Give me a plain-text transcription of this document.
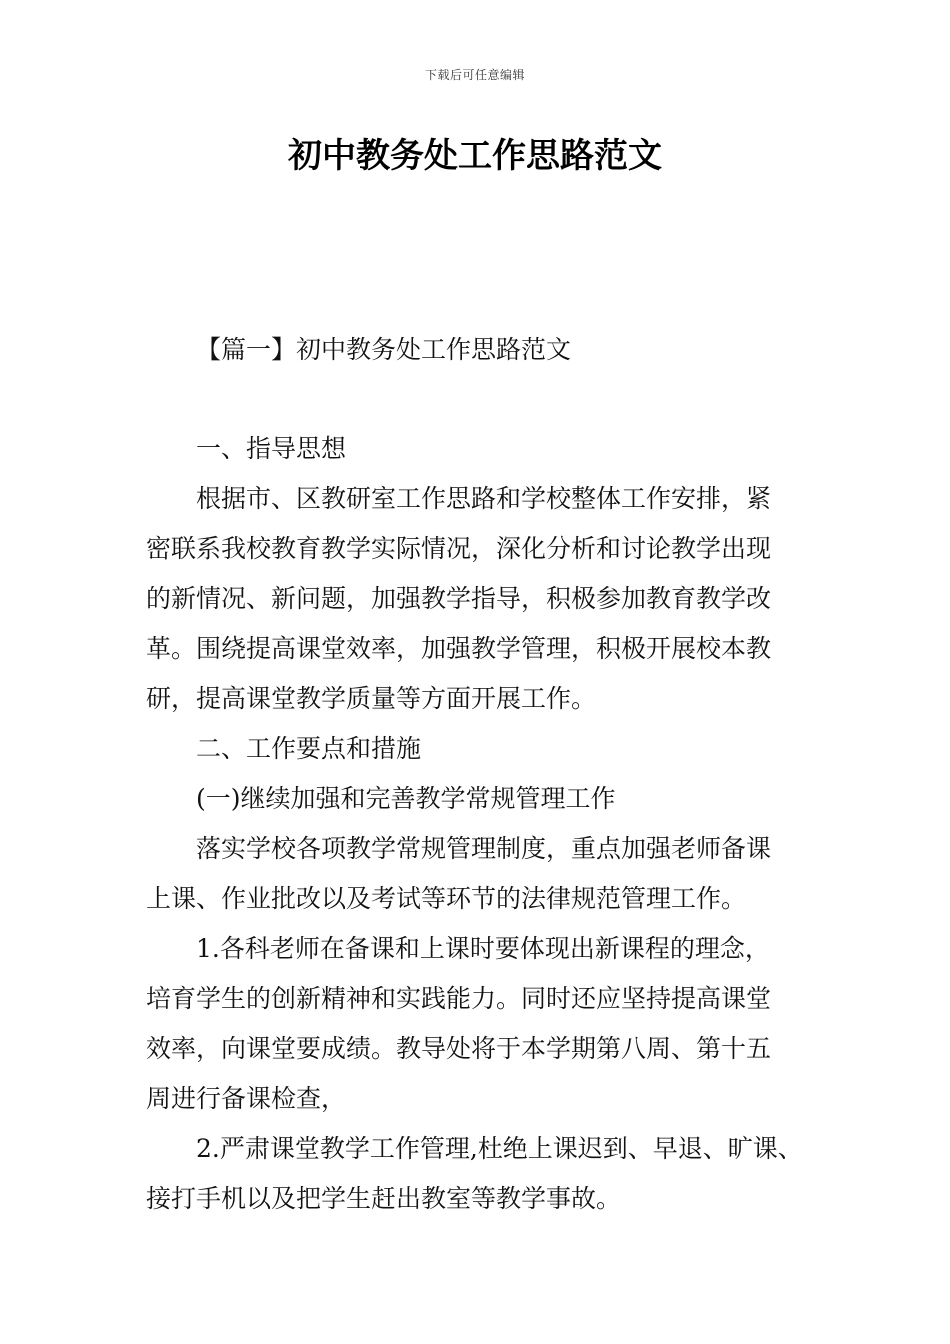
下载后可任意编辑
初中教务处工作思路范文
【篇一】初中教务处工作思路范文

一、指导思想

根据市、区教研室工作思路和学校整体工作安排，紧
密联系我校教育教学实际情况，深化分析和讨论教学出现
的新情况、新问题，加强教学指导，积极参加教育教学改
革。围绕提高课堂效率，加强教学管理，积极开展校本教
研，提高课堂教学质量等方面开展工作。

二、工作要点和措施

(一)继续加强和完善教学常规管理工作

落实学校各项教学常规管理制度，重点加强老师备课
上课、作业批改以及考试等环节的法律规范管理工作。

1.各科老师在备课和上课时要体现出新课程的理念，
培育学生的创新精神和实践能力。同时还应坚持提高课堂
效率，向课堂要成绩。教导处将于本学期第八周、第十五
周进行备课检查，

2.严肃课堂教学工作管理,杜绝上课迟到、早退、旷课、
接打手机以及把学生赶出教室等教学事故。
